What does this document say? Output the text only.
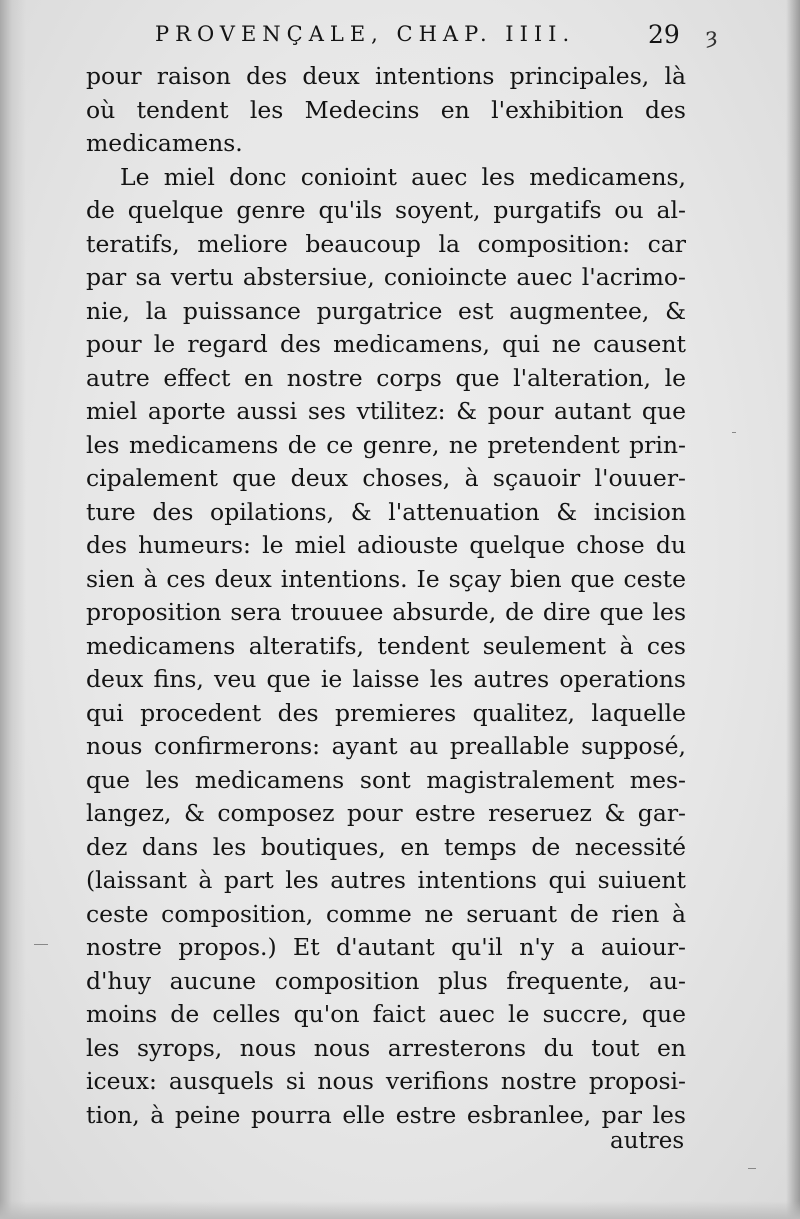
PROVENÇALE, CHAP. IIII.	29 ȝ
pour raison des deux intentions principales, là
où tendent les Medecins en l'exhibition des
medicamens.
Le miel donc conioint auec les medicamens,
de quelque genre qu'ils soyent, purgatifs ou al-
teratifs, meliore beaucoup la composition: car
par sa vertu abstersiue, conioincte auec l'acrimo-
nie, la puissance purgatrice est augmentee, &
pour le regard des medicamens, qui ne causent
autre effect en nostre corps que l'alteration, le
miel aporte aussi ses vtilitez: & pour autant que
les medicamens de ce genre, ne pretendent prin-
cipalement que deux choses, à sçauoir l'ouuer-
ture des opilations, & l'attenuation & incision
des humeurs: le miel adiouste quelque chose du
sien à ces deux intentions. Ie sçay bien que ceste
proposition sera trouuee absurde, de dire que les
medicamens alteratifs, tendent seulement à ces
deux fins, veu que ie laisse les autres operations
qui procedent des premieres qualitez, laquelle
nous confirmerons: ayant au preallable supposé,
que les medicamens sont magistralement mes-
langez, & composez pour estre reseruez & gar-
dez dans les boutiques, en temps de necessité
(laissant à part les autres intentions qui suiuent
ceste composition, comme ne seruant de rien à
nostre propos.) Et d'autant qu'il n'y a auiour-
d'huy aucune composition plus frequente, au-
moins de celles qu'on faict auec le succre, que
les syrops, nous nous arresterons du tout en
iceux: ausquels si nous verifions nostre proposi-
tion, à peine pourra elle estre esbranlee, par les
autres
